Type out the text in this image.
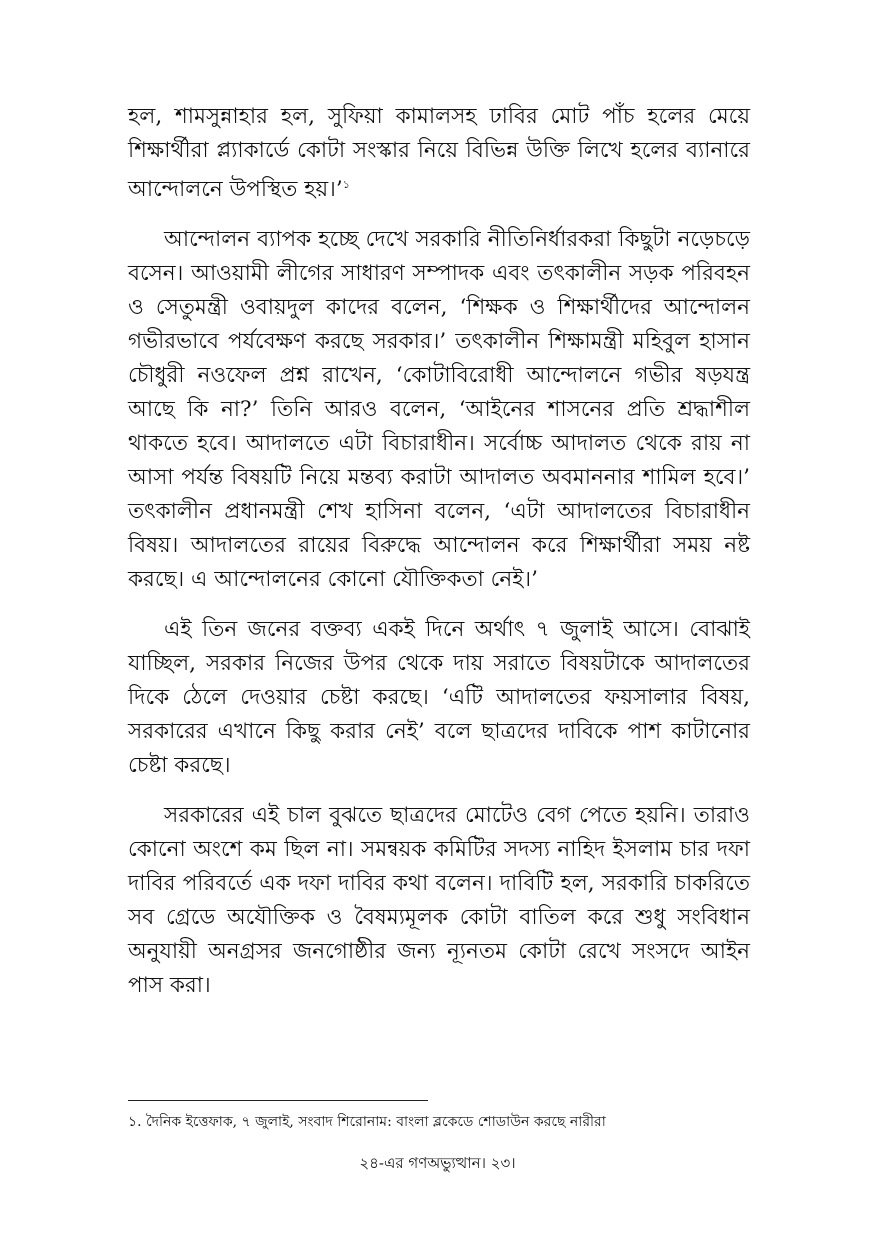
হল, শামসুন্নাহার হল, সুফিয়া কামালসহ ঢাবির মোট পাঁচ হলের মেয়ে শিক্ষার্থীরা প্ল্যাকার্ডে কোটা সংস্কার নিয়ে বিভিন্ন উক্তি লিখে হলের ব্যানারে আন্দোলনে উপস্থিত হয়।’$^১$

আন্দোলন ব্যাপক হচ্ছে দেখে সরকারি নীতিনির্ধারকরা কিছুটা নড়েচড়ে বসেন। আওয়ামী লীগের সাধারণ সম্পাদক এবং তৎকালীন সড়ক পরিবহন ও সেতুমন্ত্রী ওবায়দুল কাদের বলেন, ‘শিক্ষক ও শিক্ষার্থীদের আন্দোলন গভীরভাবে পর্যবেক্ষণ করছে সরকার।’ তৎকালীন শিক্ষামন্ত্রী মহিবুল হাসান চৌধুরী নওফেল প্রশ্ন রাখেন, ‘কোটাবিরোধী আন্দোলনে গভীর ষড়যন্ত্র আছে কি না?’ তিনি আরও বলেন, ‘আইনের শাসনের প্রতি শ্রদ্ধাশীল থাকতে হবে। আদালতে এটা বিচারাধীন। সর্বোচ্চ আদালত থেকে রায় না আসা পর্যন্ত বিষয়টি নিয়ে মন্তব্য করাটা আদালত অবমাননার শামিল হবে।’ তৎকালীন প্রধানমন্ত্রী শেখ হাসিনা বলেন, ‘এটা আদালতের বিচারাধীন বিষয়। আদালতের রায়ের বিরুদ্ধে আন্দোলন করে শিক্ষার্থীরা সময় নষ্ট করছে। এ আন্দোলনের কোনো যৌক্তিকতা নেই।’

এই তিন জনের বক্তব্য একই দিনে অর্থাৎ ৭ জুলাই আসে। বোঝাই যাচ্ছিল, সরকার নিজের উপর থেকে দায় সরাতে বিষয়টাকে আদালতের দিকে ঠেলে দেওয়ার চেষ্টা করছে। ‘এটি আদালতের ফয়সালার বিষয়, সরকারের এখানে কিছু করার নেই’ বলে ছাত্রদের দাবিকে পাশ কাটানোর চেষ্টা করছে।

সরকারের এই চাল বুঝতে ছাত্রদের মোটেও বেগ পেতে হয়নি। তারাও কোনো অংশে কম ছিল না। সমন্বয়ক কমিটির সদস্য নাহিদ ইসলাম চার দফা দাবির পরিবর্তে এক দফা দাবির কথা বলেন। দাবিটি হল, সরকারি চাকরিতে সব গ্রেডে অযৌক্তিক ও বৈষম্যমূলক কোটা বাতিল করে শুধু সংবিধান অনুযায়ী অনগ্রসর জনগোষ্ঠীর জন্য ন্যূনতম কোটা রেখে সংসদে আইন পাস করা।

১. দৈনিক ইত্তেফাক, ৭ জুলাই, সংবাদ শিরোনাম: বাংলা ব্লকেডে শোডাউন করছে নারীরা
২৪-এর গণঅভ্যুত্থান। ২৩।
